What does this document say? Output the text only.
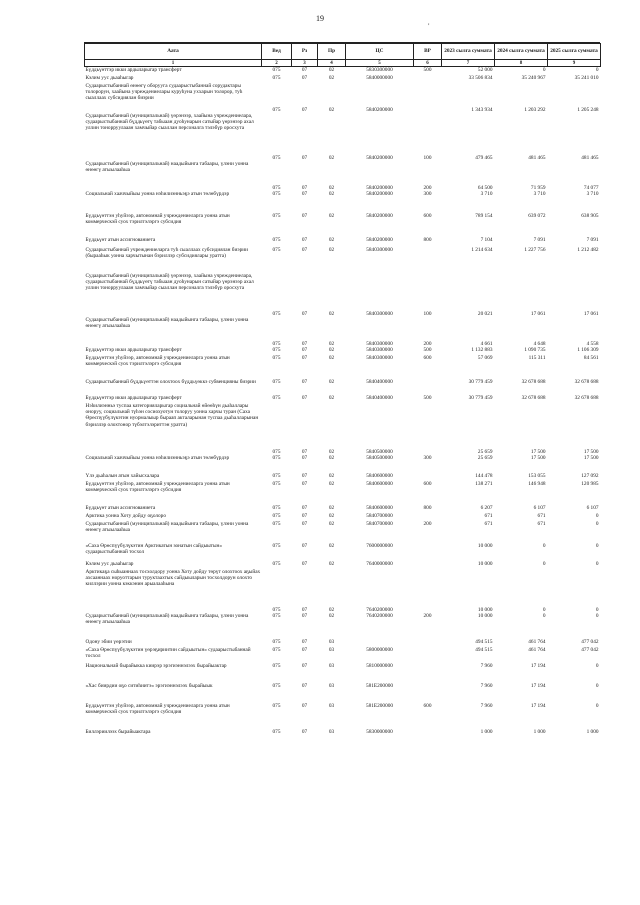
19	,
Аата	Вед	Рз	Пр	ЦС	ВР	2023 сылга суммата	2024 сылга суммата	2025 сылга суммата
1	2	3	4	5	6	7	8	9
Бүддьүөттэр икки ардыларыгар трансферт	075	07	02	5830300000	500	52 000	0	0
Кэлим уус дьааһыгар	075	07	02	5840000000		33 506 834	35 240 967	35 241 010
Судаарыстыбаннай өнөөгү оборууга судаарыстыбаннай соруда́ктары толорорун, хаайына учреждениелары куруһуна уххарын толорор, туһ сыаллаах субсидиялан биэрии	075	07	02	5840200000		1 343 934	1 203 292	1 205 248
Судаарыстыбаннай (муниципальнай) үөрэнээр, хаайына учреждениелара, судаарыстыбаннай бүддьүөтү табыаан дуоһунарын сатыйар үөрэнээр ахал уллин тонорруулааан хамчыйар сыаллан персоналга тэлэбүр оросхута	075	07	02	5840200000	100	479 465	481 465	481 465
Судаарыстыбаннай (муниципальнай) наадыйынга табаары, үлэни уонна өнөөгү атыылааһыа	075	07	02	5840200000	200	64 500	71 959	74 077
Социальнай хааччыйыы уонна нэһилиэнньэҕэ атын төлөбүрдэр	075	07	02	5840200000	300	3 710	3 710	3 710
Бүддьүөттэн уһуйээр, автономнай учреждениеларга уонна атын коммерческэй суох тэрилтэлэргэ субсидия	075	07	02	5840200000	600	789 154	639 072	638 905
Бүддьүөт атын ассигнованиета	075	07	02	5840200000	800	7 104	7 091	7 091
Судаарыстыбаннай учреждениеларга туһ сыаллаах субсидиялан биэрии (бырааһык уонна харчытынан бэриллэр субсидиялары уратта)	075	07	02	5840300000		1 214 634	1 227 756	1 212 482
Судаарыстыбаннай (муниципальнай) үөрэнээр, хаайына учреждениелара, судаарыстыбаннай бүддьүөтү табыаан дуоһунарын сатыйар үөрэнээр ахал уллин тонорруулааан хамчыйар сыаллан персоналга тэлэбүр оросхута	075	07	02	5840300000	100	20 021	17 061	17 061
Судаарыстыбаннай (муниципальнай) наадыйынга табаары, үлэни уонна өнөөгү атыылааһыа	075	07	02	5840300000	200	4 661	4 648	4 558
Бүддьүөттэр икки ардыларыгар трансферт	075	07	02	5840300000	500	1 132 883	1 090 735	1 106 309
Бүддьүөттэн уһуйээр, автономнай учреждениеларга уонна атын коммерческэй суох тэрилтэлэргэ субсидия	075	07	02	5840300000	600	57 069	115 311	84 561
Судаарыстыбаннай бүддьүөттэн олохтоох бүддьүөккэ субвенцияны биэрии	075	07	02	5840400000		30 779 459	32 678 688	32 678 688
Бүддьүөттэр икки ардыларыгар трансферт	075	07	02	5840400000	500	30 779 459	32 678 688	32 678 688
Нэһилиэнньэ туспаа категорияларыгар социальнай өйөөһүн дьаһаллары оноруу, социальнай түһэн сосиохуотун толоруу уонна харчы туран (Саха Өрөспүүбүлүкэтин нуормалыыр быраап акталарынан туспаа дьаһалларынан бэриллэр олохтонор түбэлтэлэриттэн уратта)	075	07	02	5840500000		25 659	17 500	17 500
Социальнай хааччыйыы уонна нэһилиэнньэҕэ атын төлөбүрдэр	075	07	02	5840500000	300	25 659	17 500	17 500
Үлэ дьаһалын атын хайысхалара	075	07	02	5840600000		144 478	153 055	127 092
Бүддьүөттэн уһуйээр, автономнай учреждениеларга уонна атын коммерческэй суох тэрилтэлэргэ субсидия	075	07	02	5840600000	600	138 271	146 948	120 985
Бүддьүөт атын ассигнованиета	075	07	02	5840600000	800	6 207	6 107	6 107
Арктика уонна Хоту дойду оҕолоро	075	07	02	5840700000		671	671	0
Судаарыстыбаннай (муниципальнай) наадыйынга табаары, үлэни уонна өнөөгү атыылааһыа	075	07	02	5840700000	200	671	671	0
«Саха Өрөспүүбүлүкэтин Арктикатын зонатын сайдыытын» судаарыстыбаннай тосхол	075	07	02	7600000000		10 000	0	0
Кэлим уус дьааһыгар	075	07	02	7640000000		10 000	0	0
Арктикаҕа сыһыаннаах тосхолдору уонна Хоту дойду төрүт олохтоох аҕыйах ахсааннаах норуоттарын туруктаахтык сайдыыларын тосхолдорун олохто киллэрии уонна кэккэнин арыалааһына	075	07	02	7640200000		10 000	0	0
Судаарыстыбаннай (муниципальнай) наадыйынга табаары, үлэни уонна өнөөгү атыылааһыа	075	07	02	7640200000	200	10 000	0	0
Одону эбии үөрэтии	075	07	03			494 515	461 764	477 042
«Саха Өрөспүүбүлүкэтин үөрэҕириитин сайдыытын» судаарыстыбаннай тосхол	075	07	03	5800000000		494 515	461 764	477 042
Национальнай бырайыкка киирэр эрэгиэннэлээх бырайыактар	075	07	03	5810000000		7 960	17 194	0
«Хас биирдии оҕо ситиһиитэ» эрэгиэннэлээх бырайыык	075	07	03	581E200000		7 960	17 194	0
Бүддьүөттэн уһуйээр, автономнай учреждениеларга уонна атын коммерческэй суох тэрилтэлэргэ субсидия	075	07	03	581E200000	600	7 960	17 194	0
Биллэриилээх бырайыактара	075	07	03	5830000000		1 000	1 000	1 000
